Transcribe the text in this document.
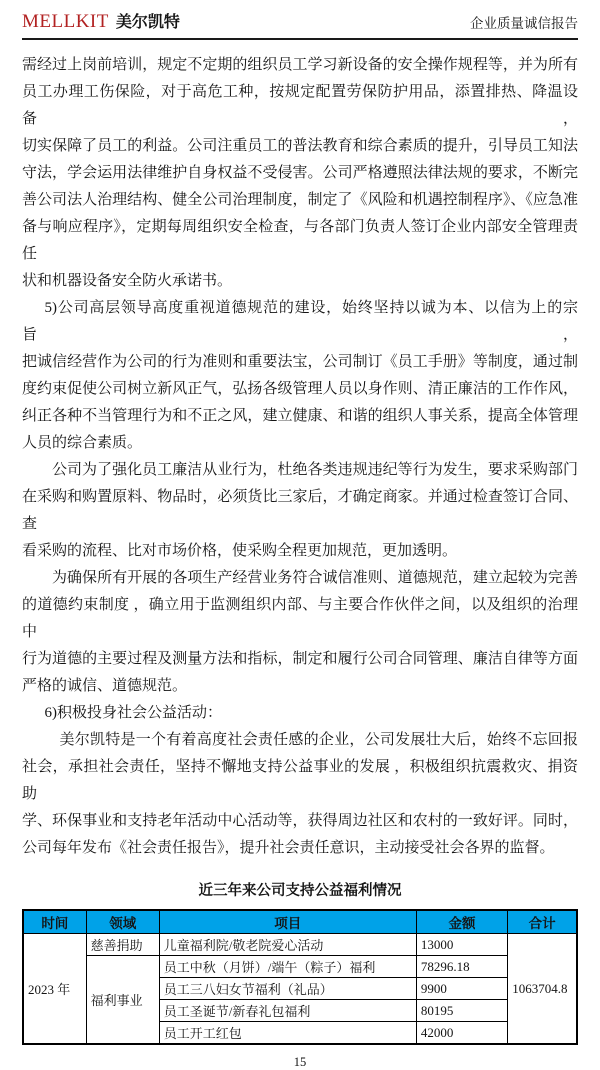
MELLKIT 美尔凯特	企业质量诚信报告
需经过上岗前培训，规定不定期的组织员工学习新设备的安全操作规程等，并为所有
员工办理工伤保险，对于高危工种，按规定配置劳保防护用品，添置排热、降温设备，
切实保障了员工的利益。公司注重员工的普法教育和综合素质的提升，引导员工知法
守法，学会运用法律维护自身权益不受侵害。公司严格遵照法律法规的要求，不断完
善公司法人治理结构、健全公司治理制度，制定了《风险和机遇控制程序》、《应急准
备与响应程序》，定期每周组织安全检查，与各部门负责人签订企业内部安全管理责任
状和机器设备安全防火承诺书。
5)公司高层领导高度重视道德规范的建设，始终坚持以诚为本、以信为上的宗旨，
把诚信经营作为公司的行为准则和重要法宝，公司制订《员工手册》等制度，通过制
度约束促使公司树立新风正气，弘扬各级管理人员以身作则、清正廉洁的工作作风，
纠正各种不当管理行为和不正之风，建立健康、和谐的组织人事关系，提高全体管理
人员的综合素质。
公司为了强化员工廉洁从业行为，杜绝各类违规违纪等行为发生，要求采购部门
在采购和购置原料、物品时，必须货比三家后，才确定商家。并通过检查签订合同、查
看采购的流程、比对市场价格，使采购全程更加规范，更加透明。
为确保所有开展的各项生产经营业务符合诚信准则、道德规范，建立起较为完善
的道德约束制度 ，确立用于监测组织内部、与主要合作伙伴之间，以及组织的治理中
行为道德的主要过程及测量方法和指标，制定和履行公司合同管理、廉洁自律等方面
严格的诚信、道德规范。
6)积极投身社会公益活动：
美尔凯特是一个有着高度社会责任感的企业，公司发展壮大后，始终不忘回报
社会，承担社会责任，坚持不懈地支持公益事业的发展 ，积极组织抗震救灾、捐资助
学、环保事业和支持老年活动中心活动等，获得周边社区和农村的一致好评。同时，
公司每年发布《社会责任报告》，提升社会责任意识，主动接受社会各界的监督。
近三年来公司支持公益福利情况
时间	领域	项目	金额	合计
2023 年	慈善捐助	儿童福利院/敬老院爱心活动	13000	1063704.8
	福利事业	员工中秋（月饼）/端午（粽子）福利	78296.18	
		员工三八妇女节福利（礼品）	9900	
		员工圣诞节/新春礼包福利	80195	
		员工开工红包	42000	
15
